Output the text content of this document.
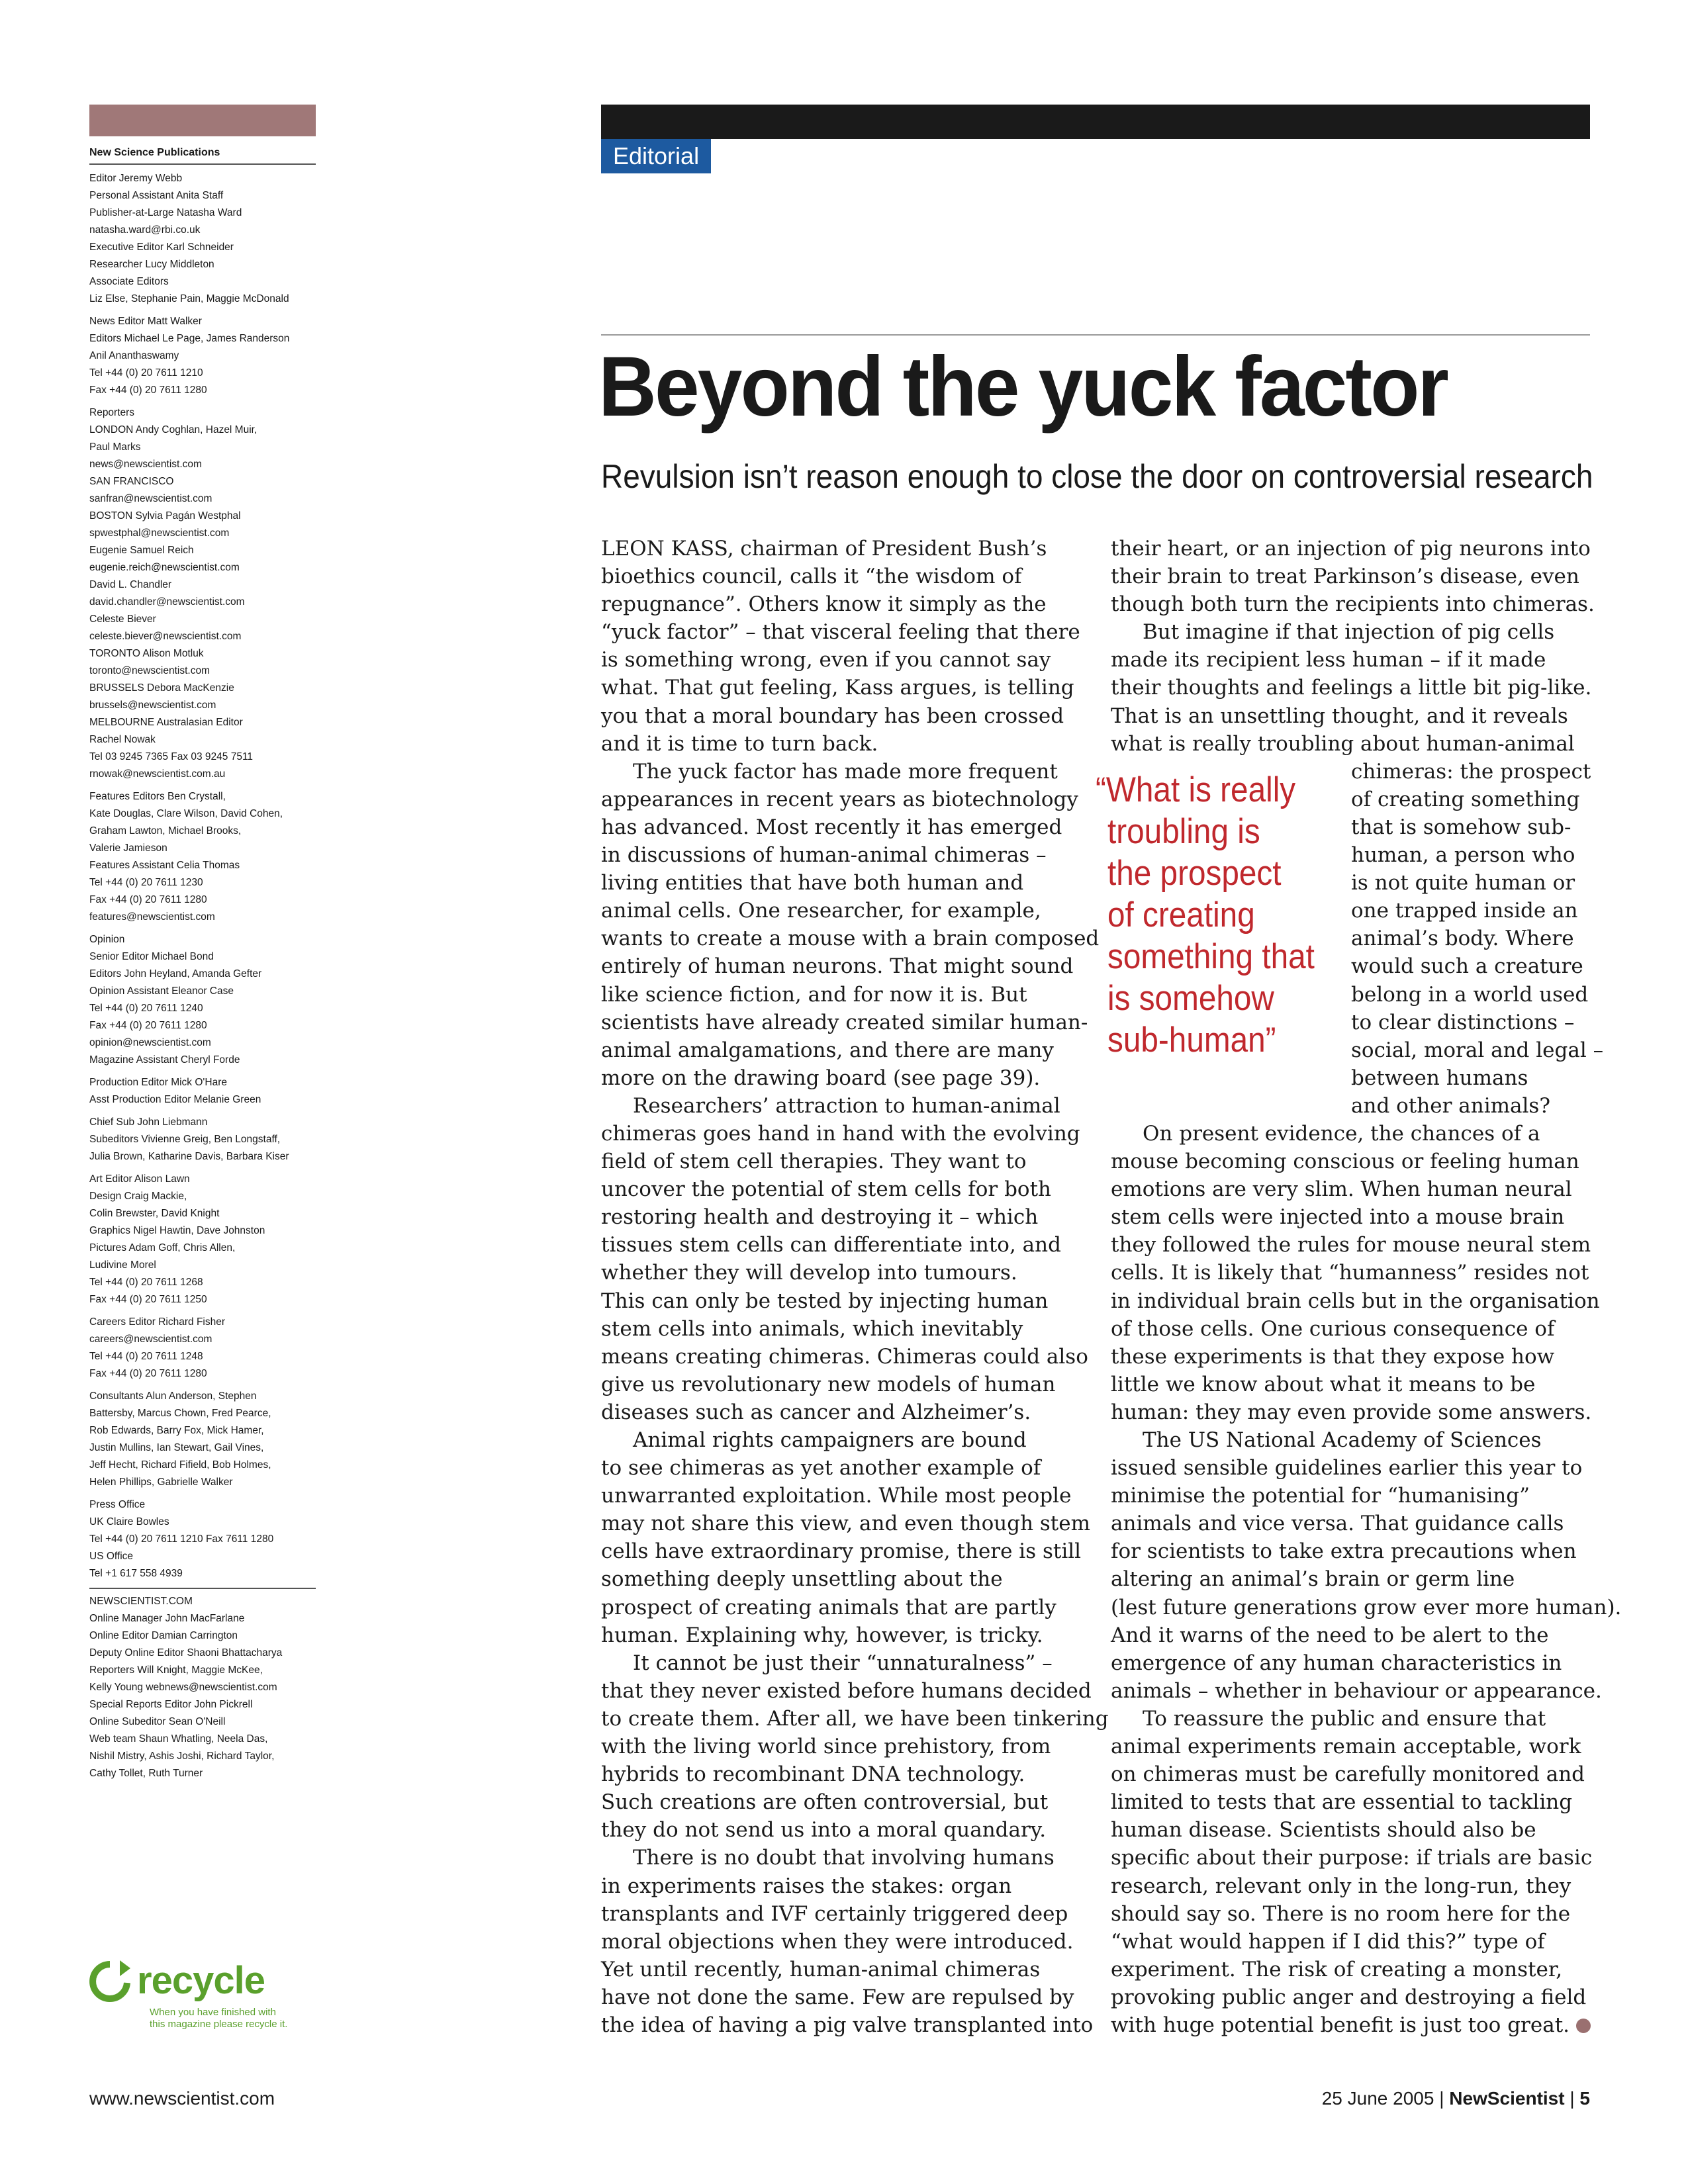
New Science Publications
Editor Jeremy Webb
Personal Assistant Anita Staff
Publisher-at-Large Natasha Ward
natasha.ward@rbi.co.uk
Executive Editor Karl Schneider
Researcher Lucy Middleton
Associate Editors
Liz Else, Stephanie Pain, Maggie McDonald
News Editor Matt Walker
Editors Michael Le Page, James Randerson
Anil Ananthaswamy
Tel +44 (0) 20 7611 1210
Fax +44 (0) 20 7611 1280
Reporters
LONDON Andy Coghlan, Hazel Muir,
Paul Marks
news@newscientist.com
SAN FRANCISCO
sanfran@newscientist.com
BOSTON Sylvia Pagán Westphal
spwestphal@newscientist.com
Eugenie Samuel Reich
eugenie.reich@newscientist.com
David L. Chandler
david.chandler@newscientist.com
Celeste Biever
celeste.biever@newscientist.com
TORONTO Alison Motluk
toronto@newscientist.com
BRUSSELS Debora MacKenzie
brussels@newscientist.com
MELBOURNE Australasian Editor
Rachel Nowak
Tel 03 9245 7365 Fax 03 9245 7511
rnowak@newscientist.com.au
Features Editors Ben Crystall,
Kate Douglas, Clare Wilson, David Cohen,
Graham Lawton, Michael Brooks,
Valerie Jamieson
Features Assistant Celia Thomas
Tel +44 (0) 20 7611 1230
Fax +44 (0) 20 7611 1280
features@newscientist.com
Opinion
Senior Editor Michael Bond
Editors John Heyland, Amanda Gefter
Opinion Assistant Eleanor Case
Tel +44 (0) 20 7611 1240
Fax +44 (0) 20 7611 1280
opinion@newscientist.com
Magazine Assistant Cheryl Forde
Production Editor Mick O'Hare
Asst Production Editor Melanie Green
Chief Sub John Liebmann
Subeditors Vivienne Greig, Ben Longstaff,
Julia Brown, Katharine Davis, Barbara Kiser
Art Editor Alison Lawn
Design Craig Mackie,
Colin Brewster, David Knight
Graphics Nigel Hawtin, Dave Johnston
Pictures Adam Goff, Chris Allen,
Ludivine Morel
Tel +44 (0) 20 7611 1268
Fax +44 (0) 20 7611 1250
Careers Editor Richard Fisher
careers@newscientist.com
Tel +44 (0) 20 7611 1248
Fax +44 (0) 20 7611 1280
Consultants Alun Anderson, Stephen
Battersby, Marcus Chown, Fred Pearce,
Rob Edwards, Barry Fox, Mick Hamer,
Justin Mullins, Ian Stewart, Gail Vines,
Jeff Hecht, Richard Fifield, Bob Holmes,
Helen Phillips, Gabrielle Walker
Press Office
UK Claire Bowles
Tel +44 (0) 20 7611 1210 Fax 7611 1280
US Office
Tel +1 617 558 4939
NEWSCIENTIST.COM
Online Manager John MacFarlane
Online Editor Damian Carrington
Deputy Online Editor Shaoni Bhattacharya
Reporters Will Knight, Maggie McKee,
Kelly Young webnews@newscientist.com
Special Reports Editor John Pickrell
Online Subeditor Sean O'Neill
Web team Shaun Whatling, Neela Das,
Nishil Mistry, Ashis Joshi, Richard Taylor,
Cathy Tollet, Ruth Turner
recycle
When you have finished with
this magazine please recycle it.
Editorial
Beyond the yuck factor
Revulsion isn’t reason enough to close the door on controversial research
LEON KASS, chairman of President Bush’s
bioethics council, calls it “the wisdom of
repugnance”. Others know it simply as the
“yuck factor” – that visceral feeling that there
is something wrong, even if you cannot say
what. That gut feeling, Kass argues, is telling
you that a moral boundary has been crossed
and it is time to turn back.
The yuck factor has made more frequent
appearances in recent years as biotechnology
has advanced. Most recently it has emerged
in discussions of human-animal chimeras –
living entities that have both human and
animal cells. One researcher, for example,
wants to create a mouse with a brain composed
entirely of human neurons. That might sound
like science fiction, and for now it is. But
scientists have already created similar human-
animal amalgamations, and there are many
more on the drawing board (see page 39).
Researchers’ attraction to human-animal
chimeras goes hand in hand with the evolving
field of stem cell therapies. They want to
uncover the potential of stem cells for both
restoring health and destroying it – which
tissues stem cells can differentiate into, and
whether they will develop into tumours.
This can only be tested by injecting human
stem cells into animals, which inevitably
means creating chimeras. Chimeras could also
give us revolutionary new models of human
diseases such as cancer and Alzheimer’s.
Animal rights campaigners are bound
to see chimeras as yet another example of
unwarranted exploitation. While most people
may not share this view, and even though stem
cells have extraordinary promise, there is still
something deeply unsettling about the
prospect of creating animals that are partly
human. Explaining why, however, is tricky.
It cannot be just their “unnaturalness” –
that they never existed before humans decided
to create them. After all, we have been tinkering
with the living world since prehistory, from
hybrids to recombinant DNA technology.
Such creations are often controversial, but
they do not send us into a moral quandary.
There is no doubt that involving humans
in experiments raises the stakes: organ
transplants and IVF certainly triggered deep
moral objections when they were introduced.
Yet until recently, human-animal chimeras
have not done the same. Few are repulsed by
the idea of having a pig valve transplanted into
their heart, or an injection of pig neurons into
their brain to treat Parkinson’s disease, even
though both turn the recipients into chimeras.
But imagine if that injection of pig cells
made its recipient less human – if it made
their thoughts and feelings a little bit pig-like.
That is an unsettling thought, and it reveals
what is really troubling about human-animal
chimeras: the prospect
of creating something
that is somehow sub-
human, a person who
is not quite human or
one trapped inside an
animal’s body. Where
would such a creature
belong in a world used
to clear distinctions –
social, moral and legal –
between humans
and other animals?
On present evidence, the chances of a
mouse becoming conscious or feeling human
emotions are very slim. When human neural
stem cells were injected into a mouse brain
they followed the rules for mouse neural stem
cells. It is likely that “humanness” resides not
in individual brain cells but in the organisation
of those cells. One curious consequence of
these experiments is that they expose how
little we know about what it means to be
human: they may even provide some answers.
The US National Academy of Sciences
issued sensible guidelines earlier this year to
minimise the potential for “humanising”
animals and vice versa. That guidance calls
for scientists to take extra precautions when
altering an animal’s brain or germ line
(lest future generations grow ever more human).
And it warns of the need to be alert to the
emergence of any human characteristics in
animals – whether in behaviour or appearance.
To reassure the public and ensure that
animal experiments remain acceptable, work
on chimeras must be carefully monitored and
limited to tests that are essential to tackling
human disease. Scientists should also be
specific about their purpose: if trials are basic
research, relevant only in the long-run, they
should say so. There is no room here for the
“what would happen if I did this?” type of
experiment. The risk of creating a monster,
provoking public anger and destroying a field
with huge potential benefit is just too great.
“What is really
troubling is
the prospect
of creating
something that
is somehow
sub-human”
www.newscientist.com	25 June 2005 | NewScientist | 5
